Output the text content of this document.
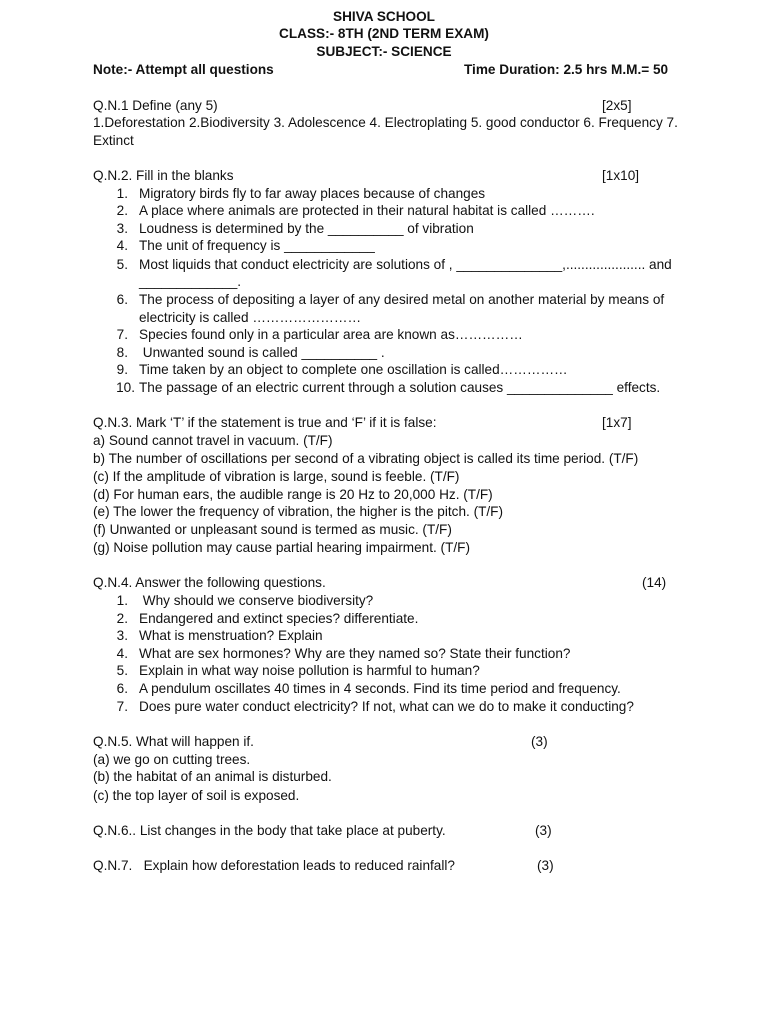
SHIVA SCHOOL
CLASS:- 8TH (2ND TERM EXAM)
SUBJECT:- SCIENCE
Note:- Attempt all questions	Time Duration: 2.5 hrs M.M.= 50
Q.N.1 Define (any 5)	[2x5]
1.Deforestation 2.Biodiversity 3. Adolescence 4. Electroplating 5. good conductor 6. Frequency 7.
Extinct
Q.N.2. Fill in the blanks	[1x10]
1. Migratory birds fly to far away places because of changes
2. A place where animals are protected in their natural habitat is called ……….
3. Loudness is determined by the __________ of vibration
4. The unit of frequency is ____________
5. Most liquids that conduct electricity are solutions of , ______________,..................... and
_____________.
6. The process of depositing a layer of any desired metal on another material by means of
electricity is called ……………………
7. Species found only in a particular area are known as……………
8. Unwanted sound is called __________ .
9. Time taken by an object to complete one oscillation is called……………
10. The passage of an electric current through a solution causes ______________ effects.
Q.N.3. Mark ‘T’ if the statement is true and ‘F’ if it is false:	[1x7]
a) Sound cannot travel in vacuum. (T/F)
b) The number of oscillations per second of a vibrating object is called its time period. (T/F)
(c) If the amplitude of vibration is large, sound is feeble. (T/F)
(d) For human ears, the audible range is 20 Hz to 20,000 Hz. (T/F)
(e) The lower the frequency of vibration, the higher is the pitch. (T/F)
(f) Unwanted or unpleasant sound is termed as music. (T/F)
(g) Noise pollution may cause partial hearing impairment. (T/F)
Q.N.4. Answer the following questions.	(14)
1. Why should we conserve biodiversity?
2. Endangered and extinct species? differentiate.
3. What is menstruation? Explain
4. What are sex hormones? Why are they named so? State their function?
5. Explain in what way noise pollution is harmful to human?
6. A pendulum oscillates 40 times in 4 seconds. Find its time period and frequency.
7. Does pure water conduct electricity? If not, what can we do to make it conducting?
Q.N.5. What will happen if.	(3)
(a) we go on cutting trees.
(b) the habitat of an animal is disturbed.
(c) the top layer of soil is exposed.
Q.N.6.. List changes in the body that take place at puberty.	(3)
Q.N.7.   Explain how deforestation leads to reduced rainfall?	(3)
